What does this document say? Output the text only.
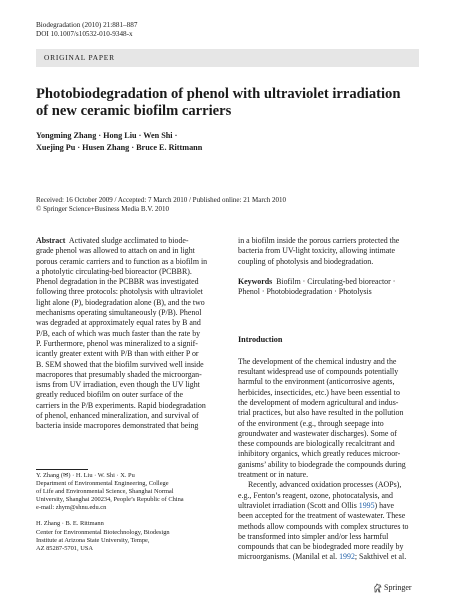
Biodegradation (2010) 21:881–887
DOI 10.1007/s10532-010-9348-x
ORIGINAL PAPER
Photobiodegradation of phenol with ultraviolet irradiation
of new ceramic biofilm carriers
Yongming Zhang · Hong Liu · Wen Shi ·
Xuejing Pu · Husen Zhang · Bruce E. Rittmann
Received: 16 October 2009 / Accepted: 7 March 2010 / Published online: 21 March 2010
© Springer Science+Business Media B.V. 2010
Abstract Activated sludge acclimated to biode-
grade phenol was allowed to attach on and in light
porous ceramic carriers and to function as a biofilm in
a photolytic circulating-bed bioreactor (PCBBR).
Phenol degradation in the PCBBR was investigated
following three protocols: photolysis with ultraviolet
light alone (P), biodegradation alone (B), and the two
mechanisms operating simultaneously (P/B). Phenol
was degraded at approximately equal rates by B and
P/B, each of which was much faster than the rate by
P. Furthermore, phenol was mineralized to a signif-
icantly greater extent with P/B than with either P or
B. SEM showed that the biofilm survived well inside
macropores that presumably shaded the microorgan-
isms from UV irradiation, even though the UV light
greatly reduced biofilm on outer surface of the
carriers in the P/B experiments. Rapid biodegradation
of phenol, enhanced mineralization, and survival of
bacteria inside macropores demonstrated that being
in a biofilm inside the porous carriers protected the
bacteria from UV-light toxicity, allowing intimate
coupling of photolysis and biodegradation.
Keywords Biofilm · Circulating-bed bioreactor ·
Phenol · Photobiodegradation · Photolysis
Introduction
The development of the chemical industry and the
resultant widespread use of compounds potentially
harmful to the environment (anticorrosive agents,
herbicides, insecticides, etc.) have been essential to
the development of modern agricultural and indus-
trial practices, but also have resulted in the pollution
of the environment (e.g., through seepage into
groundwater and wastewater discharges). Some of
these compounds are biologically recalcitrant and
inhibitory organics, which greatly reduces microor-
ganisms’ ability to biodegrade the compounds during
treatment or in nature.
Recently, advanced oxidation processes (AOPs),
e.g., Fenton’s reagent, ozone, photocatalysis, and
ultraviolet irradiation (Scott and Ollis 1995) have
been accepted for the treatment of wastewater. These
methods allow compounds with complex structures to
be transformed into simpler and/or less harmful
compounds that can be biodegraded more readily by
microorganisms. (Manilal et al. 1992; Sakthivel et al.
Y. Zhang (✉) · H. Liu · W. Shi · X. Pu
Department of Environmental Engineering, College
of Life and Environmental Science, Shanghai Normal
University, Shanghai 200234, People’s Republic of China
e-mail: zhym@shnu.edu.cn
H. Zhang · B. E. Rittmann
Center for Environmental Biotechnology, Biodesign
Institute at Arizona State University, Tempe,
AZ 85287-5701, USA
Springer
